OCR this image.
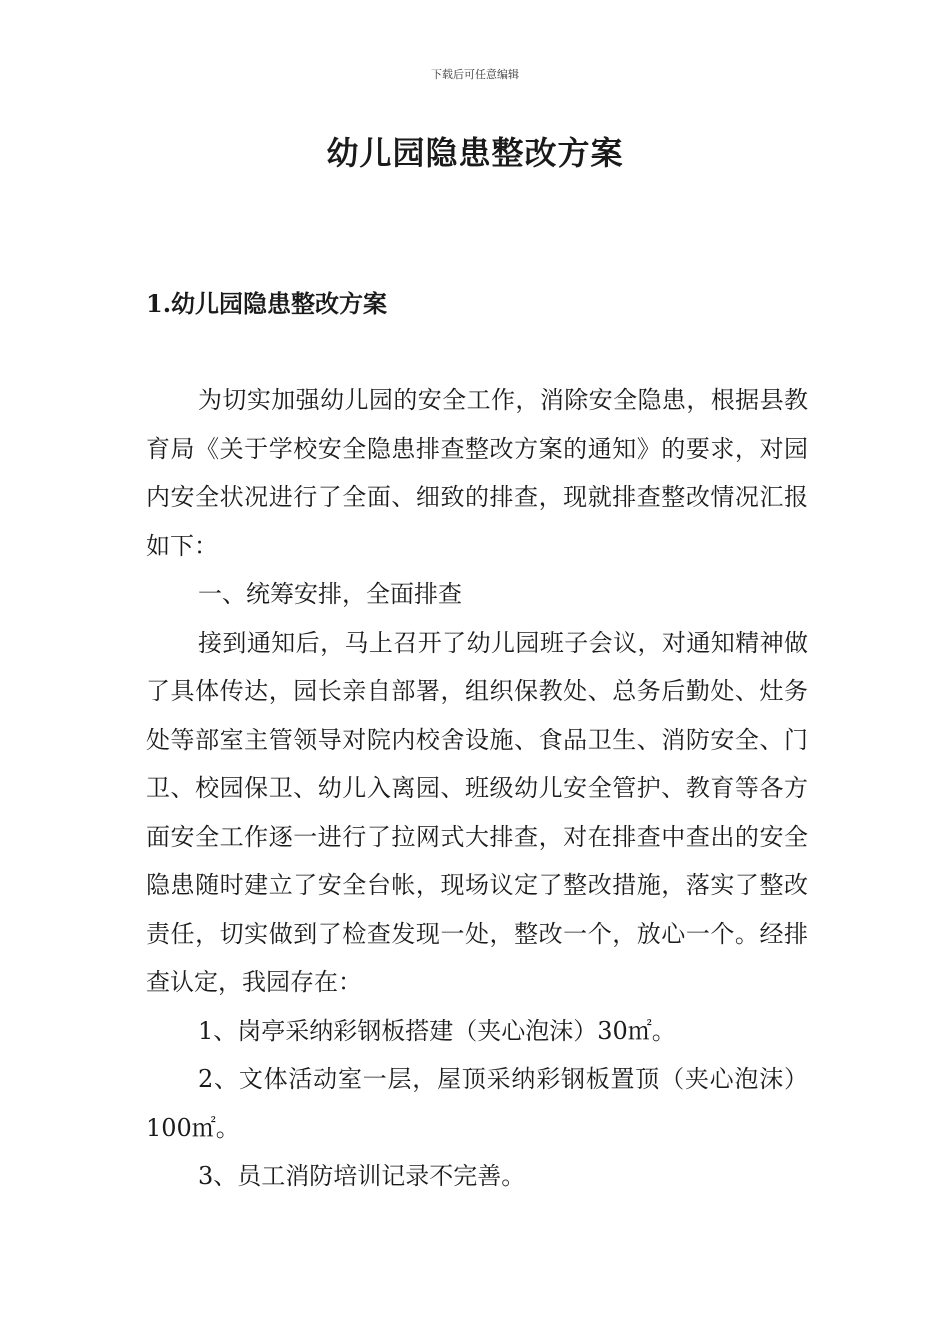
下载后可任意编辑
幼儿园隐患整改方案
1.幼儿园隐患整改方案

为切实加强幼儿园的安全工作，消除安全隐患，根据县教育局《关于学校安全隐患排查整改方案的通知》的要求，对园内安全状况进行了全面、细致的排查，现就排查整改情况汇报如下：

一、统筹安排，全面排查

接到通知后，马上召开了幼儿园班子会议，对通知精神做了具体传达，园长亲自部署，组织保教处、总务后勤处、灶务处等部室主管领导对院内校舍设施、食品卫生、消防安全、门卫、校园保卫、幼儿入离园、班级幼儿安全管护、教育等各方面安全工作逐一进行了拉网式大排查，对在排查中查出的安全隐患随时建立了安全台帐，现场议定了整改措施，落实了整改责任，切实做到了检查发现一处，整改一个，放心一个。经排查认定，我园存在：

1、岗亭采纳彩钢板搭建（夹心泡沫）30㎡。

2、文体活动室一层，屋顶采纳彩钢板置顶（夹心泡沫）100㎡。

3、员工消防培训记录不完善。
